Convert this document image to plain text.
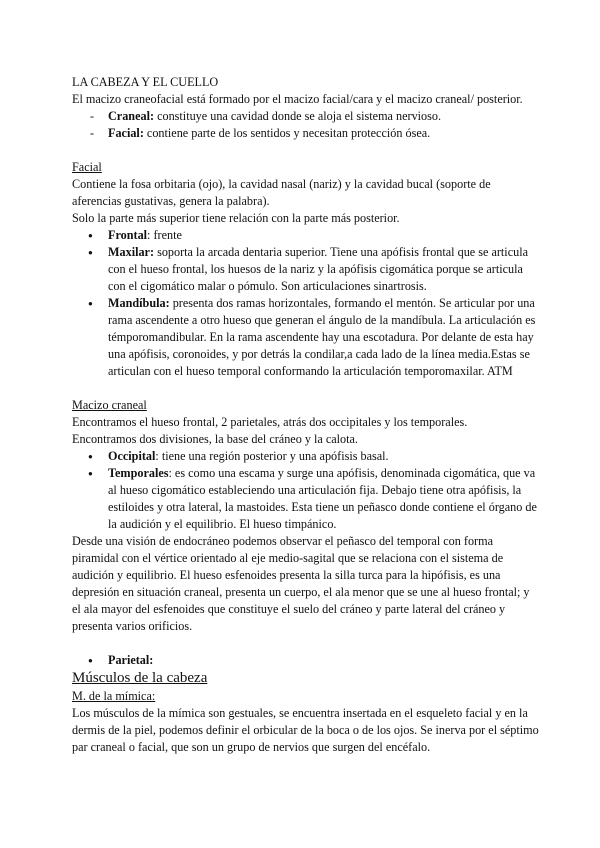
LA CABEZA Y EL CUELLO

El macizo craneofacial está formado por el macizo facial/cara y el macizo craneal/ posterior.

- Craneal: constituye una cavidad donde se aloja el sistema nervioso.
- Facial: contiene parte de los sentidos y necesitan protección ósea.

Facial

Contiene la fosa orbitaria (ojo), la cavidad nasal (nariz) y la cavidad bucal (soporte de aferencias gustativas, genera la palabra).

Solo la parte más superior tiene relación con la parte más posterior.

● Frontal: frente
● Maxilar: soporta la arcada dentaria superior. Tiene una apófisis frontal que se articula con el hueso frontal, los huesos de la nariz y la apófisis cigomática porque se articula con el cigomático malar o pómulo. Son articulaciones sinartrosis.
● Mandíbula: presenta dos ramas horizontales, formando el mentón. Se articular por una rama ascendente a otro hueso que generan el ángulo de la mandíbula. La articulación es témporomandibular. En la rama ascendente hay una escotadura. Por delante de esta hay una apófisis, coronoides, y por detrás la condilar,a cada lado de la línea media.Estas se articulan con el hueso temporal conformando la articulación temporomaxilar. ATM

Macizo craneal

Encontramos el hueso frontal, 2 parietales, atrás dos occipitales y los temporales.

Encontramos dos divisiones, la base del cráneo y la calota.

● Occipital: tiene una región posterior y una apófisis basal.
● Temporales: es como una escama y surge una apófisis, denominada cigomática, que va al hueso cigomático estableciendo una articulación fija. Debajo tiene otra apófisis, la estiloides y otra lateral, la mastoides. Esta tiene un peñasco donde contiene el órgano de la audición y el equilibrio. El hueso timpánico.

Desde una visión de endocráneo podemos observar el peñasco del temporal con forma piramidal con el vértice orientado al eje medio-sagital que se relaciona con el sistema de audición y equilibrio. El hueso esfenoides presenta la silla turca para la hipófisis, es una depresión en situación craneal, presenta un cuerpo, el ala menor que se une al hueso frontal; y el ala mayor del esfenoides que constituye el suelo del cráneo y parte lateral del cráneo y presenta varios orificios.

● Parietal:

Músculos de la cabeza

M. de la mímica:

Los músculos de la mímica son gestuales, se encuentra insertada en el esqueleto facial y en la dermis de la piel, podemos definir el orbicular de la boca o de los ojos. Se inerva por el séptimo par craneal o facial, que son un grupo de nervios que surgen del encéfalo.
